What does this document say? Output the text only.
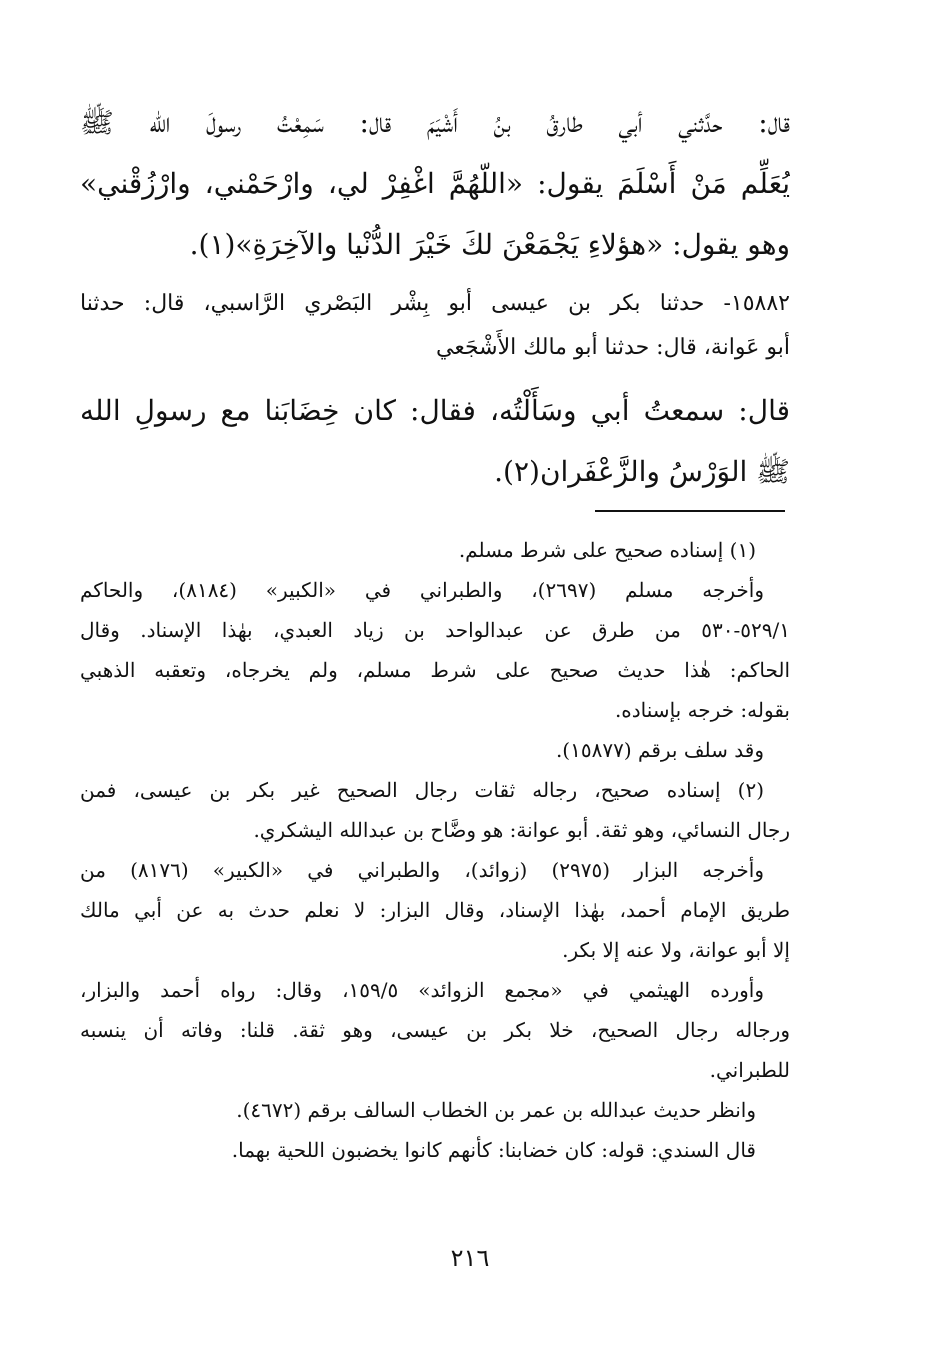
قال: حدَّثني أبي طارقُ بنُ أَشْيَمَ قال: سَمِعْتُ رسولَ الله ﷺ
يُعَلِّم مَنْ أَسْلَمَ يقول: «اللّهُمَّ اغْفِرْ لي، وارْحَمْني، وارْزُقْني»
وهو يقول: «هؤلاءِ يَجْمَعْنَ لكَ خَيْرَ الدُّنْيا والآخِرَةِ»(١).
١٥٨٨٢- حدثنا بكر بن عيسى أبو بِشْر البَصْري الرَّاسبي، قال: حدثنا
أبو عَوانة، قال: حدثنا أبو مالك الأَشْجَعي
قال: سمعتُ أبي وسَأَلْتُه، فقال: كان خِضَابَنا مع رسولِ الله
ﷺ الوَرْسُ والزَّعْفَران(٢).
(١) إسناده صحيح على شرط مسلم.
وأخرجه مسلم (٢٦٩٧)، والطبراني في «الكبير» (٨١٨٤)، والحاكم
٥٢٩/١-٥٣٠ من طرق عن عبدالواحد بن زياد العبدي، بهٰذا الإسناد. وقال
الحاكم: هٰذا حديث صحيح على شرط مسلم، ولم يخرجاه، وتعقبه الذهبي
بقوله: خرجه بإسناده.
وقد سلف برقم (١٥٨٧٧).
(٢) إسناده صحيح، رجاله ثقات رجال الصحيح غير بكر بن عيسى، فمن
رجال النسائي، وهو ثقة. أبو عوانة: هو وضَّاح بن عبدالله اليشكري.
وأخرجه البزار (٢٩٧٥) (زوائد)، والطبراني في «الكبير» (٨١٧٦) من
طريق الإمام أحمد، بهٰذا الإسناد، وقال البزار: لا نعلم حدث به عن أبي مالك
إلا أبو عوانة، ولا عنه إلا بكر.
وأورده الهيثمي في «مجمع الزوائد» ١٥٩/٥، وقال: رواه أحمد والبزار،
ورجاله رجال الصحيح، خلا بكر بن عيسى، وهو ثقة. قلنا: وفاته أن ينسبه
للطبراني.
وانظر حديث عبدالله بن عمر بن الخطاب السالف برقم (٤٦٧٢).
قال السندي: قوله: كان خضابنا: كأنهم كانوا يخضبون اللحية بهما.
٢١٦
